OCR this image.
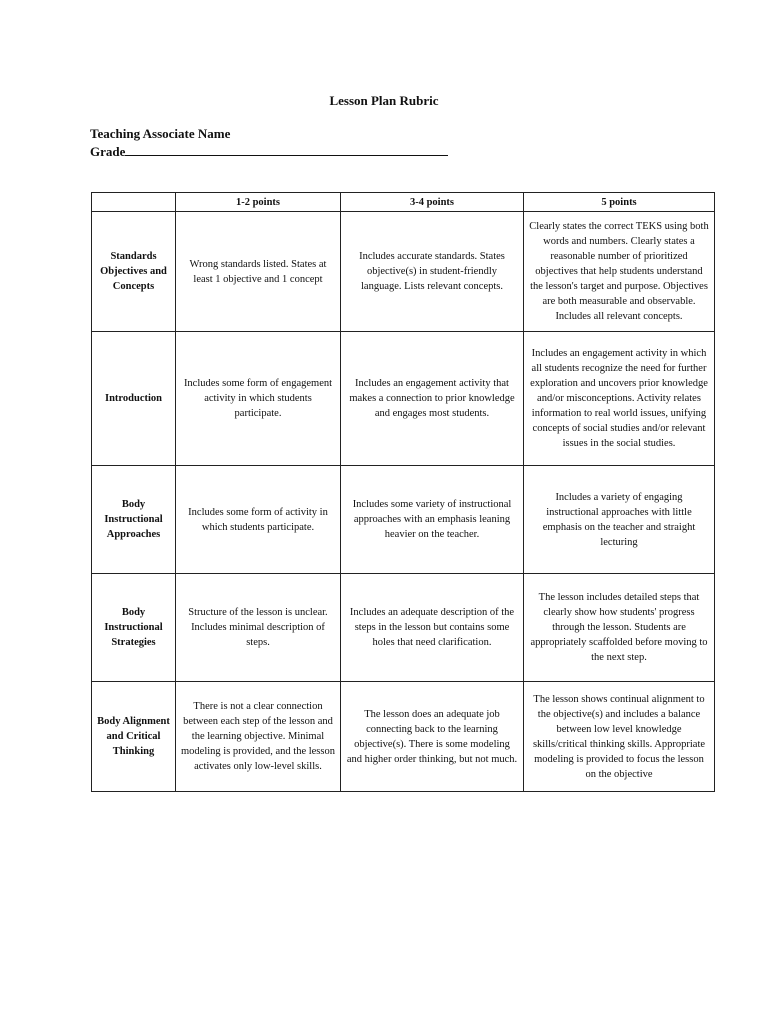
Lesson Plan Rubric
Teaching Associate Name
Grade
	1-2 points	3-4 points	5 points
Standards Objectives and Concepts	Wrong standards listed. States at least 1 objective and 1 concept	Includes accurate standards. States objective(s) in student-friendly language. Lists relevant concepts.	Clearly states the correct TEKS using both words and numbers. Clearly states a reasonable number of prioritized objectives that help students understand the lesson's target and purpose. Objectives are both measurable and observable. Includes all relevant concepts.
Introduction	Includes some form of engagement activity in which students participate.	Includes an engagement activity that makes a connection to prior knowledge and engages most students.	Includes an engagement activity in which all students recognize the need for further exploration and uncovers prior knowledge and/or misconceptions. Activity relates information to real world issues, unifying concepts of social studies and/or relevant issues in the social studies.
Body Instructional Approaches	Includes some form of activity in which students participate.	Includes some variety of instructional approaches with an emphasis leaning heavier on the teacher.	Includes a variety of engaging instructional approaches with little emphasis on the teacher and straight lecturing
Body Instructional Strategies	Structure of the lesson is unclear. Includes minimal description of steps.	Includes an adequate description of the steps in the lesson but contains some holes that need clarification.	The lesson includes detailed steps that clearly show how students' progress through the lesson. Students are appropriately scaffolded before moving to the next step.
Body Alignment and Critical Thinking	There is not a clear connection between each step of the lesson and the learning objective. Minimal modeling is provided, and the lesson activates only low-level skills.	The lesson does an adequate job connecting back to the learning objective(s). There is some modeling and higher order thinking, but not much.	The lesson shows continual alignment to the objective(s) and includes a balance between low level knowledge skills/critical thinking skills. Appropriate modeling is provided to focus the lesson on the objective
